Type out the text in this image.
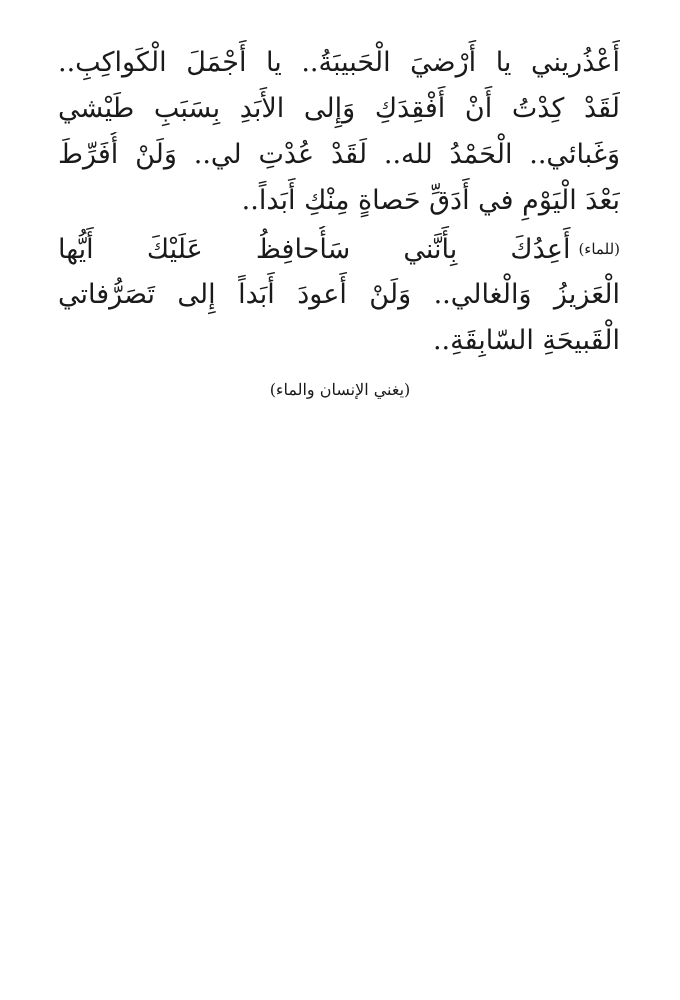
أَعْذُريني يا أَرْضيَ الْحَبيبَةُ.. يا أَجْمَلَ الْكَواكِبِ..
لَقَدْ كِدْتُ أَنْ أَفْقِدَكِ وَإِلى الأَبَدِ بِسَبَبِ طَيْشي
وَغَبائي.. الْحَمْدُ لله.. لَقَدْ عُدْتِ لي.. وَلَنْ أُفَرِّطَ
بَعْدَ الْيَوْمِ في أَدَقِّ حَصاةٍ مِنْكِ أَبَداً..
(للماء)أَعِدُكَ بِأَنَّني سَأُحافِظُ عَلَيْكَ أَيُّها
الْعَزيزُ وَالْغالي.. وَلَنْ أَعودَ أَبَداً إِلى تَصَرُّفاتي
الْقَبيحَةِ السّابِقَةِ..
(يغني الإنسان والماء)
